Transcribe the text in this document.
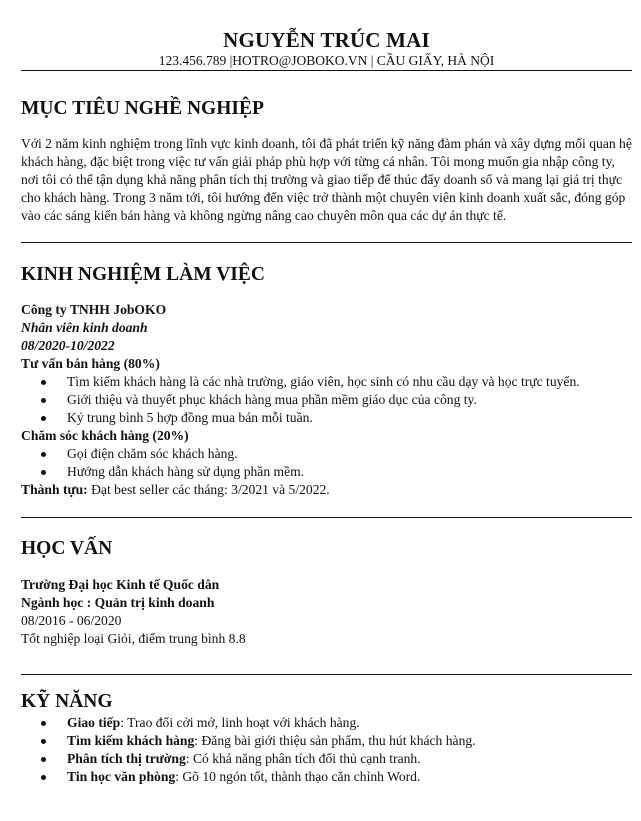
NGUYỄN TRÚC MAI
123.456.789 |HOTRO@JOBOKO.VN | CẦU GIẤY, HÀ NỘI
MỤC TIÊU NGHỀ NGHIỆP
Với 2 năm kinh nghiệm trong lĩnh vực kinh doanh, tôi đã phát triển kỹ năng đàm phán và xây dựng mối quan hệ khách hàng, đặc biệt trong việc tư vấn giải pháp phù hợp với từng cá nhân. Tôi mong muốn gia nhập công ty, nơi tôi có thể tận dụng khả năng phân tích thị trường và giao tiếp để thúc đẩy doanh số và mang lại giá trị thực cho khách hàng. Trong 3 năm tới, tôi hướng đến việc trở thành một chuyên viên kinh doanh xuất sắc, đóng góp vào các sáng kiến bán hàng và không ngừng nâng cao chuyên môn qua các dự án thực tế.
KINH NGHIỆM LÀM VIỆC
Công ty TNHH JobOKO
Nhân viên kinh doanh
08/2020-10/2022
Tư vấn bán hàng (80%)
Tìm kiếm khách hàng là các nhà trường, giáo viên, học sinh có nhu cầu dạy và học trực tuyến.
Giới thiệu và thuyết phục khách hàng mua phần mềm giáo dục của công ty.
Ký trung bình 5 hợp đồng mua bán mỗi tuần.
Chăm sóc khách hàng (20%)
Gọi điện chăm sóc khách hàng.
Hướng dẫn khách hàng sử dụng phần mềm.
Thành tựu: Đạt best seller các tháng: 3/2021 và 5/2022.
HỌC VẤN
Trường Đại học Kinh tế Quốc dân
Ngành học : Quản trị kinh doanh
08/2016 - 06/2020
Tốt nghiệp loại Giỏi, điểm trung bình 8.8
KỸ NĂNG
Giao tiếp: Trao đổi cởi mở, linh hoạt với khách hàng.
Tìm kiếm khách hàng: Đăng bài giới thiệu sản phẩm, thu hút khách hàng.
Phân tích thị trường: Có khả năng phân tích đối thủ cạnh tranh.
Tin học văn phòng: Gõ 10 ngón tốt, thành thạo căn chỉnh Word.
